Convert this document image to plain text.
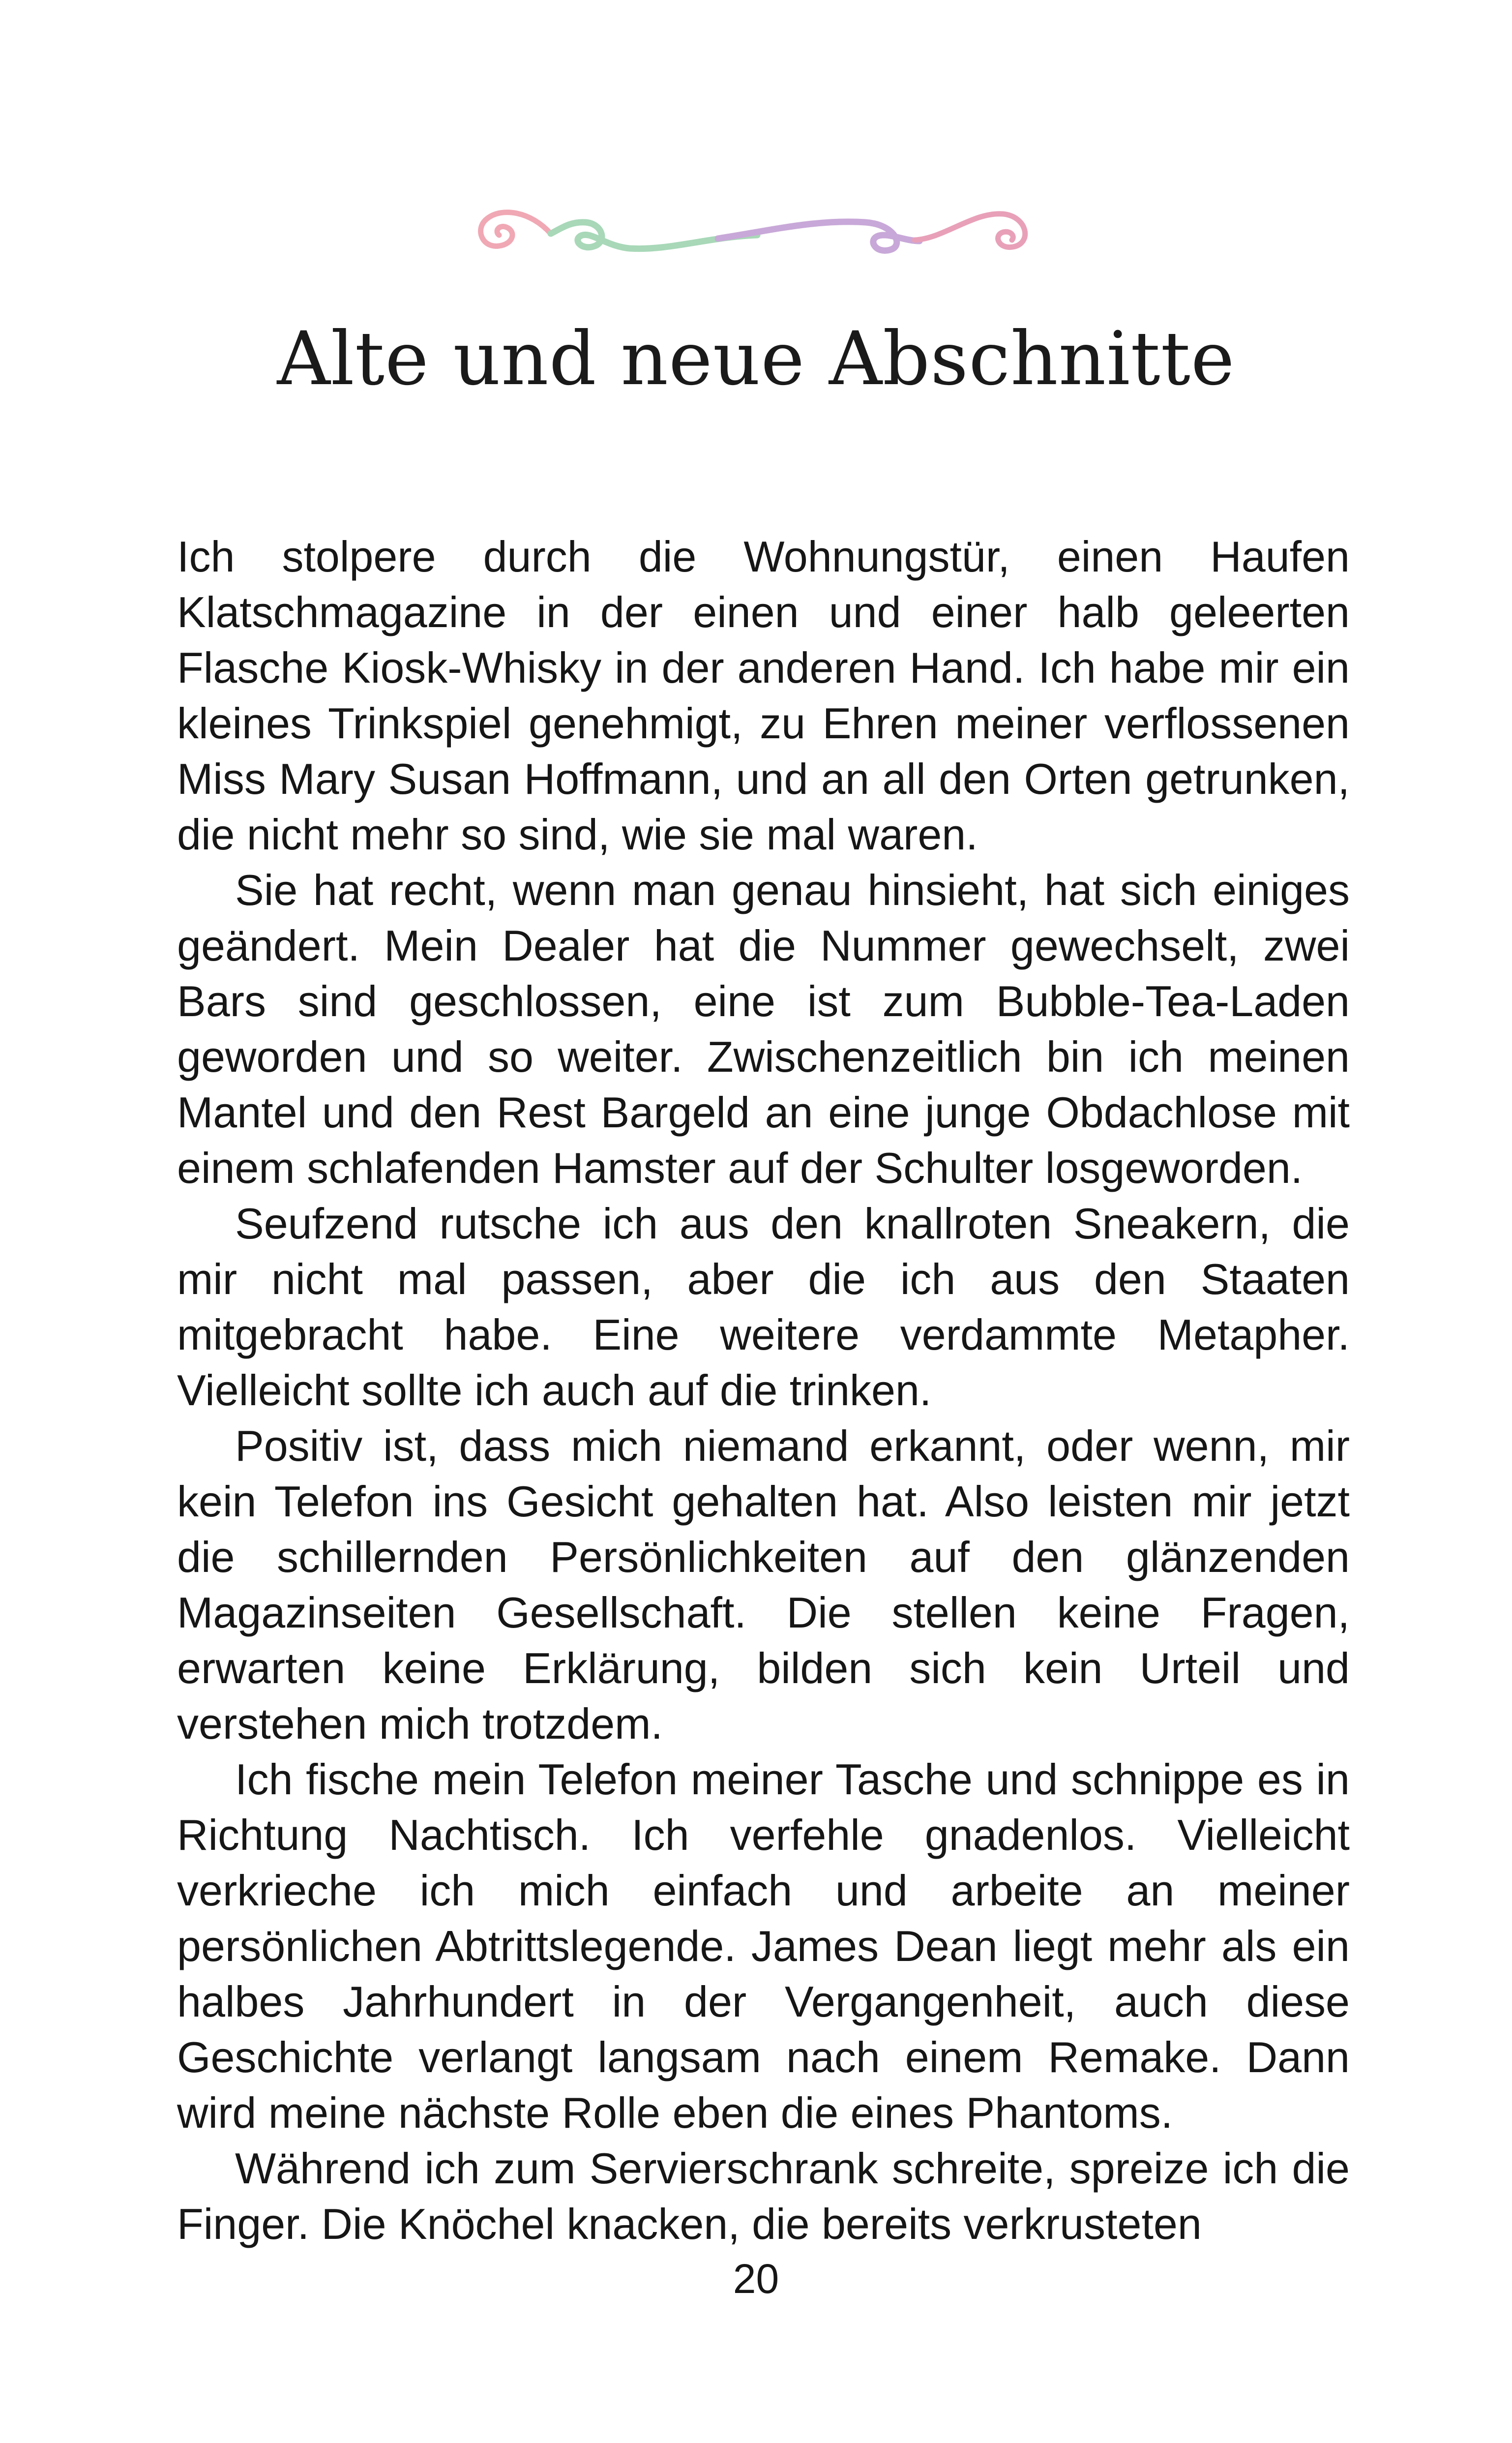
Alte und neue Abschnitte

Ich stolpere durch die Wohnungstür, einen Haufen Klatschmagazine in der einen und einer halb geleerten Flasche Kiosk-Whisky in der anderen Hand. Ich habe mir ein kleines Trinkspiel genehmigt, zu Ehren meiner verflossenen Miss Mary Susan Hoffmann, und an all den Orten getrunken, die nicht mehr so sind, wie sie mal waren.

Sie hat recht, wenn man genau hinsieht, hat sich einiges geändert. Mein Dealer hat die Nummer gewechselt, zwei Bars sind geschlossen, eine ist zum Bubble-Tea-Laden geworden und so weiter. Zwischenzeitlich bin ich meinen Mantel und den Rest Bargeld an eine junge Obdachlose mit einem schlafenden Hamster auf der Schulter losgeworden.

Seufzend rutsche ich aus den knallroten Sneakern, die mir nicht mal passen, aber die ich aus den Staaten mitgebracht habe. Eine weitere verdammte Metapher. Vielleicht sollte ich auch auf die trinken.

Positiv ist, dass mich niemand erkannt, oder wenn, mir kein Telefon ins Gesicht gehalten hat. Also leisten mir jetzt die schillernden Persönlichkeiten auf den glänzenden Magazinseiten Gesellschaft. Die stellen keine Fragen, erwarten keine Erklärung, bilden sich kein Urteil und verstehen mich trotzdem.

Ich fische mein Telefon meiner Tasche und schnippe es in Richtung Nachtisch. Ich verfehle gnadenlos. Vielleicht verkrieche ich mich einfach und arbeite an meiner persönlichen Abtrittslegende. James Dean liegt mehr als ein halbes Jahrhundert in der Vergangenheit, auch diese Geschichte verlangt langsam nach einem Remake. Dann wird meine nächste Rolle eben die eines Phantoms.

Während ich zum Servierschrank schreite, spreize ich die Finger. Die Knöchel knacken, die bereits verkrusteten

20
